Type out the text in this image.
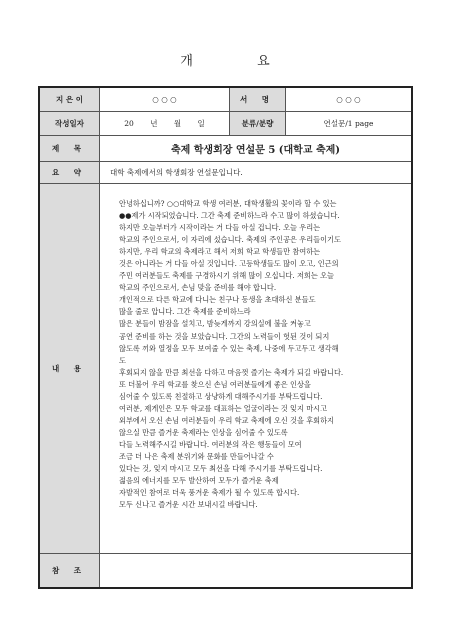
개 요
지 은 이	○ ○ ○	서 명	○ ○ ○
작성일자	20 년 월 일	분류/분량	연설문/1 page
제 목	축제 학생회장 연설문 5 (대학교 축제)
요 약	대학 축제에서의 학생회장 연설문입니다.
내 용

안녕하십니까? ○○대학교 학생 여러분, 대학생활의 꽃이라 할 수 있는

●●제가 시작되었습니다. 그간 축제 준비하느라 수고 많이 하셨습니다.

하지만 오늘부터가 시작이라는 거 다들 아실 겁니다. 오늘 우리는

학교의 주인으로서, 이 자리에 섰습니다. 축제의 주인공은 우리들이기도

하지만, 우리 학교의 축제라고 해서 저희 학교 학생들만 참여하는

것은 아니라는 거 다들 아실 것입니다. 고등학생들도 많이 오고, 인근의

주민 여러분들도 축제를 구경하시기 위해 많이 오십니다. 저희는 오늘

학교의 주인으로서, 손님 맞을 준비를 해야 합니다.

개인적으로 다른 학교에 다니는 친구나 동생을 초대하신 분들도

많을 줄로 압니다. 그간 축제를 준비하느라

많은 분들이 밤잠을 설치고, 밤늦게까지 강의실에 불을 켜놓고

공연 준비를 하는 것을 보았습니다. 그간의 노력들이 헛된 것이 되지

않도록 끼와 열정을 모두 보여줄 수 있는 축제, 나중에 두고두고 생각해

도

후회되지 않을 만큼 최선을 다하고 마음껏 즐기는 축제가 되길 바랍니다.

또 더불어 우리 학교를 찾으신 손님 여러분들에게 좋은 인상을

심어줄 수 있도록 친절하고 상냥하게 대해주시기를 부탁드립니다.

여러분, 제게인은 모두 학교를 대표하는 얼굴이라는 것 잊지 마시고

외부에서 오신 손님 여러분들이 우리 학교 축제에 오신 것을 후회하지

않으실 만큼 즐거운 축제라는 인상을 심어줄 수 있도록

다들 노력해주시길 바랍니다. 여러분의 작은 행동들이 모여

조금 더 나은 축제 분위기와 문화를 만들어나갈 수

있다는 것, 잊지 마시고 모두 최선을 다해 주시기를 부탁드립니다.

젊음의 에너지를 모두 발산하여 모두가 즐거운 축제

자발적인 참여로 더욱 풍겨운 축제가 될 수 있도록 합시다.

모두 신나고 즐거운 시간 보내시길 바랍니다.

참 조
